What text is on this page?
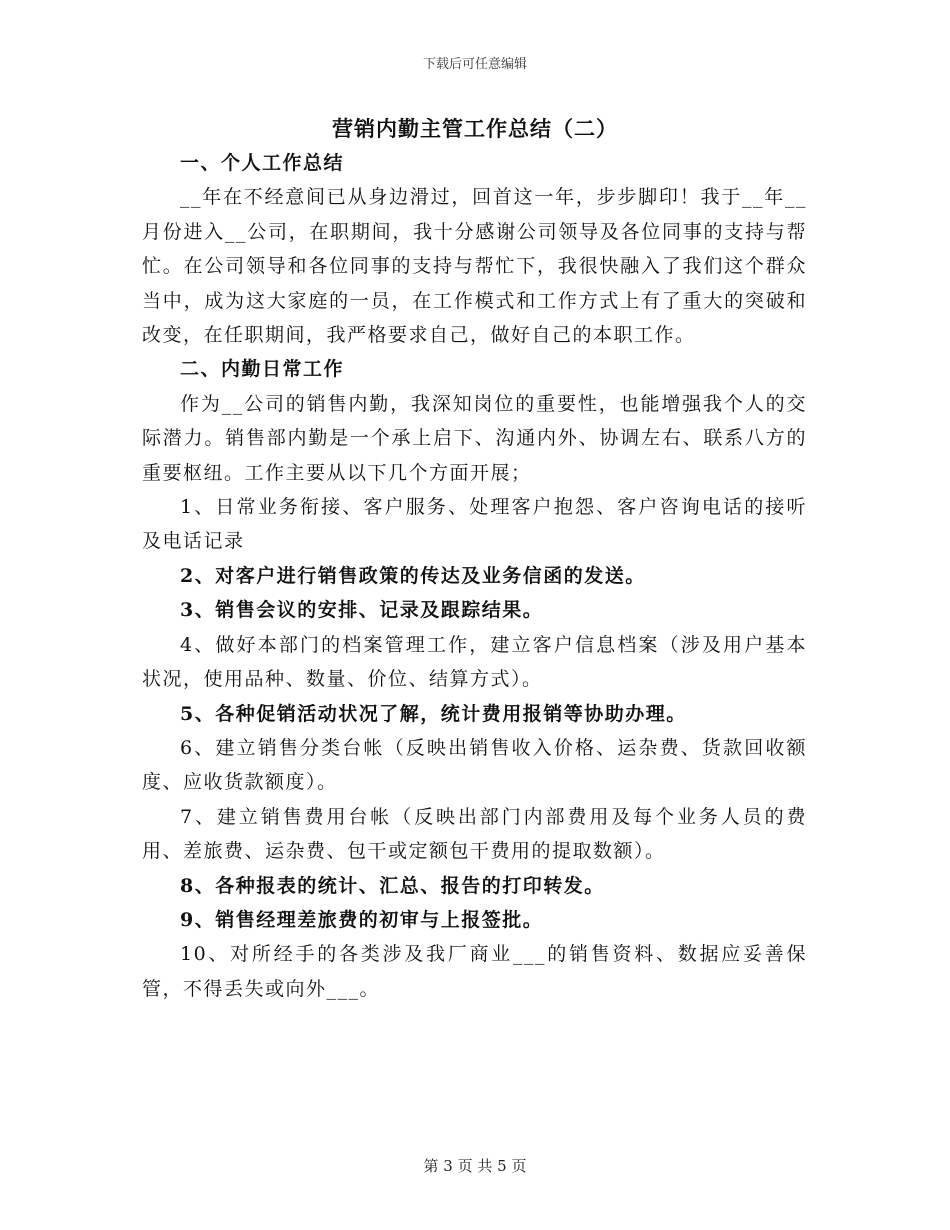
下载后可任意编辑
营销内勤主管工作总结（二）

一、个人工作总结

__年在不经意间已从身边滑过，回首这一年，步步脚印！我于__年__月份进入__公司，在职期间，我十分感谢公司领导及各位同事的支持与帮忙。在公司领导和各位同事的支持与帮忙下，我很快融入了我们这个群众当中，成为这大家庭的一员，在工作模式和工作方式上有了重大的突破和改变，在任职期间，我严格要求自己，做好自己的本职工作。

二、内勤日常工作

作为__公司的销售内勤，我深知岗位的重要性，也能增强我个人的交际潜力。销售部内勤是一个承上启下、沟通内外、协调左右、联系八方的重要枢纽。工作主要从以下几个方面开展；

1、日常业务衔接、客户服务、处理客户抱怨、客户咨询电话的接听及电话记录

2、对客户进行销售政策的传达及业务信函的发送。

3、销售会议的安排、记录及跟踪结果。

4、做好本部门的档案管理工作，建立客户信息档案（涉及用户基本状况，使用品种、数量、价位、结算方式）。

5、各种促销活动状况了解，统计费用报销等协助办理。

6、建立销售分类台帐（反映出销售收入价格、运杂费、货款回收额度、应收货款额度）。

7、建立销售费用台帐（反映出部门内部费用及每个业务人员的费用、差旅费、运杂费、包干或定额包干费用的提取数额）。

8、各种报表的统计、汇总、报告的打印转发。

9、销售经理差旅费的初审与上报签批。

10、对所经手的各类涉及我厂商业___的销售资料、数据应妥善保管，不得丢失或向外___。

第 3 页 共 5 页
